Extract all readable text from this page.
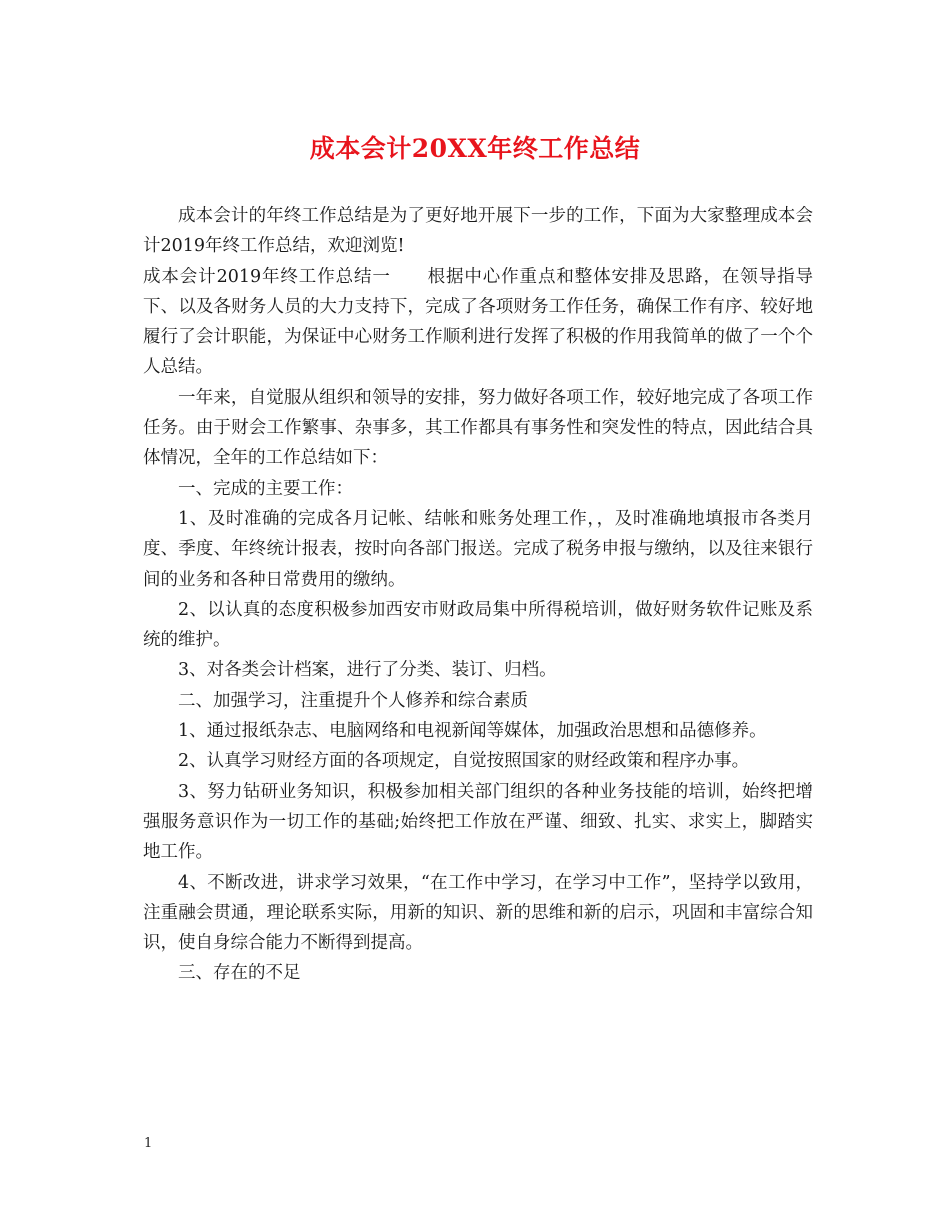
成本会计20XX年终工作总结

成本会计的年终工作总结是为了更好地开展下一步的工作，下面为大家整理成本会计2019年终工作总结，欢迎浏览!

成本会计2019年终工作总结一　　根据中心作重点和整体安排及思路，在领导指导下、以及各财务人员的大力支持下，完成了各项财务工作任务，确保工作有序、较好地履行了会计职能，为保证中心财务工作顺利进行发挥了积极的作用我简单的做了一个个人总结。

一年来，自觉服从组织和领导的安排，努力做好各项工作，较好地完成了各项工作任务。由于财会工作繁事、杂事多，其工作都具有事务性和突发性的特点，因此结合具体情况，全年的工作总结如下：

一、完成的主要工作：

1、及时准确的完成各月记帐、结帐和账务处理工作，，及时准确地填报市各类月度、季度、年终统计报表，按时向各部门报送。完成了税务申报与缴纳，以及往来银行间的业务和各种日常费用的缴纳。

2、以认真的态度积极参加西安市财政局集中所得税培训，做好财务软件记账及系统的维护。

3、对各类会计档案，进行了分类、装订、归档。

二、加强学习，注重提升个人修养和综合素质

1、通过报纸杂志、电脑网络和电视新闻等媒体，加强政治思想和品德修养。

2、认真学习财经方面的各项规定，自觉按照国家的财经政策和程序办事。

3、努力钻研业务知识，积极参加相关部门组织的各种业务技能的培训，始终把增强服务意识作为一切工作的基础;始终把工作放在严谨、细致、扎实、求实上，脚踏实地工作。

4、不断改进，讲求学习效果，“在工作中学习，在学习中工作”，坚持学以致用，注重融会贯通，理论联系实际，用新的知识、新的思维和新的启示，巩固和丰富综合知识，使自身综合能力不断得到提高。

三、存在的不足

1
